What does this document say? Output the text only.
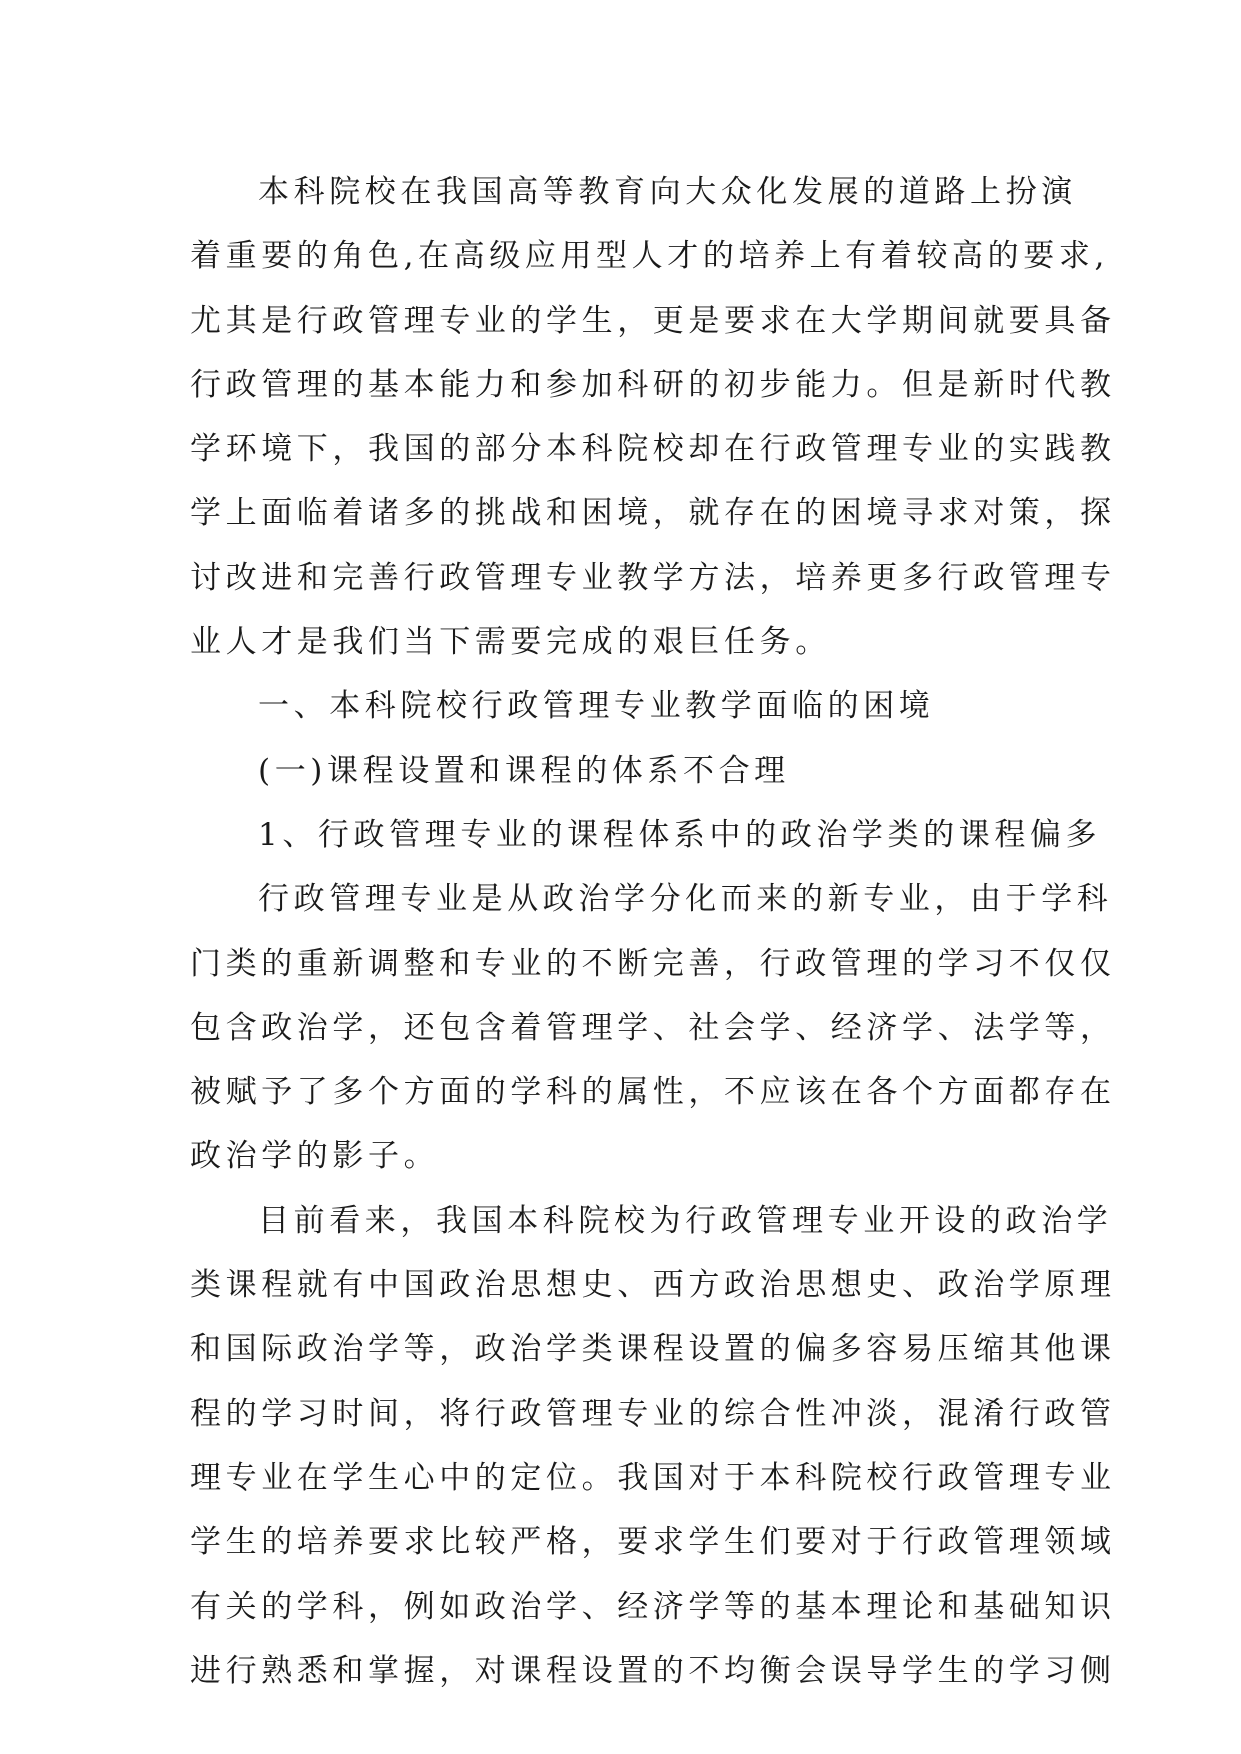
本科院校在我国高等教育向大众化发展的道路上扮演
着重要的角色,在高级应用型人才的培养上有着较高的要求,
尤其是行政管理专业的学生，更是要求在大学期间就要具备
行政管理的基本能力和参加科研的初步能力。但是新时代教
学环境下，我国的部分本科院校却在行政管理专业的实践教
学上面临着诸多的挑战和困境，就存在的困境寻求对策，探
讨改进和完善行政管理专业教学方法，培养更多行政管理专
业人才是我们当下需要完成的艰巨任务。
一、本科院校行政管理专业教学面临的困境
(一)课程设置和课程的体系不合理
1、行政管理专业的课程体系中的政治学类的课程偏多
行政管理专业是从政治学分化而来的新专业，由于学科
门类的重新调整和专业的不断完善，行政管理的学习不仅仅
包含政治学，还包含着管理学、社会学、经济学、法学等，
被赋予了多个方面的学科的属性，不应该在各个方面都存在
政治学的影子。
目前看来，我国本科院校为行政管理专业开设的政治学
类课程就有中国政治思想史、西方政治思想史、政治学原理
和国际政治学等，政治学类课程设置的偏多容易压缩其他课
程的学习时间，将行政管理专业的综合性冲淡，混淆行政管
理专业在学生心中的定位。我国对于本科院校行政管理专业
学生的培养要求比较严格，要求学生们要对于行政管理领域
有关的学科，例如政治学、经济学等的基本理论和基础知识
进行熟悉和掌握，对课程设置的不均衡会误导学生的学习侧
